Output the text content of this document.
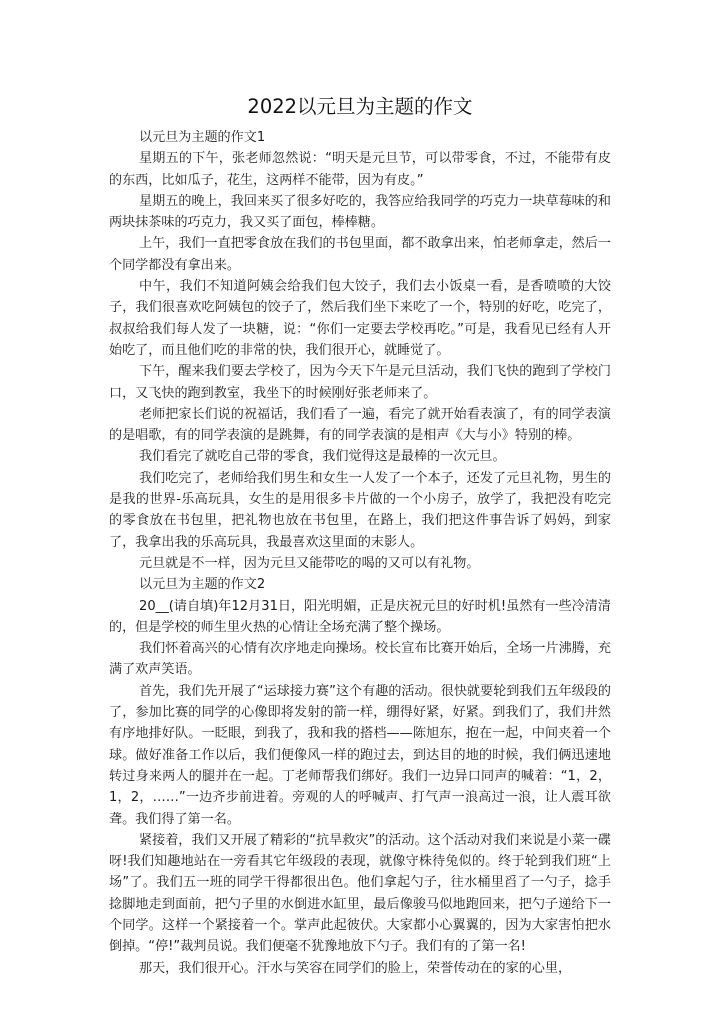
2022以元旦为主题的作文

以元旦为主题的作文1

星期五的下午，张老师忽然说：“明天是元旦节，可以带零食，不过，不能带有皮的东西，比如瓜子，花生，这两样不能带，因为有皮。”

星期五的晚上，我回来买了很多好吃的，我答应给我同学的巧克力一块草莓味的和两块抹茶味的巧克力，我又买了面包，棒棒糖。

上午，我们一直把零食放在我们的书包里面，都不敢拿出来，怕老师拿走，然后一个同学都没有拿出来。

中午，我们不知道阿姨会给我们包大饺子，我们去小饭桌一看，是香喷喷的大饺子，我们很喜欢吃阿姨包的饺子了，然后我们坐下来吃了一个，特别的好吃，吃完了，叔叔给我们每人发了一块糖，说：“你们一定要去学校再吃。”可是，我看见已经有人开始吃了，而且他们吃的非常的快，我们很开心，就睡觉了。

下午，醒来我们要去学校了，因为今天下午是元旦活动，我们飞快的跑到了学校门口，又飞快的跑到教室，我坐下的时候刚好张老师来了。

老师把家长们说的祝福话，我们看了一遍，看完了就开始看表演了，有的同学表演的是唱歌，有的同学表演的是跳舞，有的同学表演的是相声《大与小》特别的棒。

我们看完了就吃自己带的零食，我们觉得这是最棒的一次元旦。

我们吃完了，老师给我们男生和女生一人发了一个本子，还发了元旦礼物，男生的是我的世界-乐高玩具，女生的是用很多卡片做的一个小房子，放学了，我把没有吃完的零食放在书包里，把礼物也放在书包里，在路上，我们把这件事告诉了妈妈，到家了，我拿出我的乐高玩具，我最喜欢这里面的末影人。

元旦就是不一样，因为元旦又能带吃的喝的又可以有礼物。

以元旦为主题的作文2

20__(请自填)年12月31日，阳光明媚，正是庆祝元旦的好时机!虽然有一些冷清清的，但是学校的师生里火热的心情让全场充满了整个操场。

我们怀着高兴的心情有次序地走向操场。校长宣布比赛开始后，全场一片沸腾，充满了欢声笑语。

首先，我们先开展了“运球接力赛”这个有趣的活动。很快就要轮到我们五年级段的了，参加比赛的同学的心像即将发射的箭一样，绷得好紧，好紧。到我们了，我们井然有序地排好队。一眨眼，到我了，我和我的搭档——陈旭东，抱在一起，中间夹着一个球。做好准备工作以后，我们便像风一样的跑过去，到达目的地的时候，我们俩迅速地转过身来两人的腿并在一起。丁老师帮我们绑好。我们一边异口同声的喊着：“1，2，1，2，……”一边齐步前进着。旁观的人的呼喊声、打气声一浪高过一浪，让人震耳欲聋。我们得了第一名。

紧接着，我们又开展了精彩的“抗旱救灾”的活动。这个活动对我们来说是小菜一碟呀!我们知趣地站在一旁看其它年级段的表现，就像守株待兔似的。终于轮到我们班“上场”了。我们五一班的同学干得都很出色。他们拿起勺子，往水桶里舀了一勺子，捻手捻脚地走到面前，把勺子里的水倒进水缸里，最后像骏马似地跑回来，把勺子递给下一个同学。这样一个紧接着一个。掌声此起彼伏。大家都小心翼翼的，因为大家害怕把水倒掉。“停!”裁判员说。我们便毫不犹豫地放下勺子。我们有的了第一名!

那天，我们很开心。汗水与笑容在同学们的脸上，荣誉传动在的家的心里，
